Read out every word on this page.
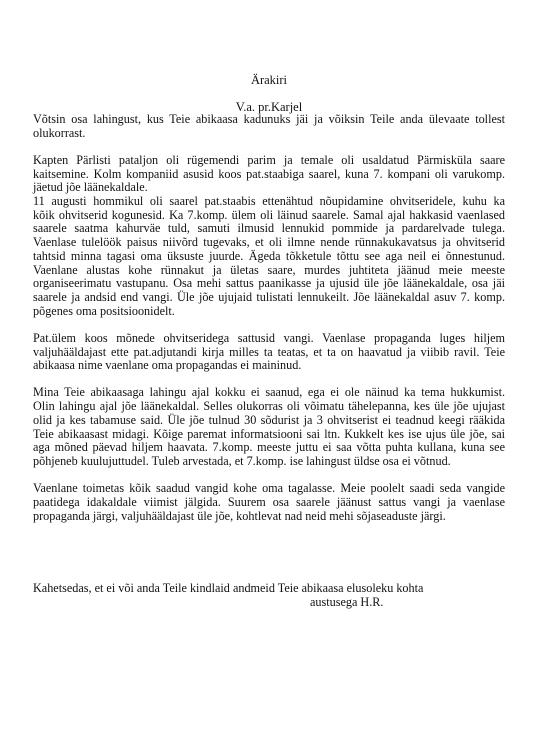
Ärakiri
V.a. pr.Karjel
Võtsin osa lahingust, kus Teie abikaasa kadunuks jäi ja võiksin Teile anda ülevaate tollest
olukorrast.
Kapten Pärlisti pataljon oli rügemendi parim ja temale oli usaldatud Pärmisküla saare
kaitsemine. Kolm kompaniid asusid koos pat.staabiga saarel, kuna 7. kompani oli varukomp.
jäetud jõe läänekaldale.
11 augusti hommikul oli saarel pat.staabis ettenähtud nõupidamine ohvitseridele, kuhu ka
kõik ohvitserid kogunesid. Ka 7.komp. ülem oli läinud saarele. Samal ajal hakkasid vaenlased
saarele saatma kahurväe tuld, samuti ilmusid lennukid pommide ja pardarelvade tulega.
Vaenlase tulelöök paisus niivõrd tugevaks, et oli ilmne nende rünnakukavatsus ja ohvitserid
tahtsid minna tagasi oma üksuste juurde. Ägeda tõkketule tõttu see aga neil ei õnnestunud.
Vaenlane alustas kohe rünnakut ja ületas saare, murdes juhtiteta jäänud meie meeste
organiseerimatu vastupanu. Osa mehi sattus paanikasse ja ujusid üle jõe läänekaldale, osa jäi
saarele ja andsid end vangi. Üle jõe ujujaid tulistati lennukeilt. Jõe läänekaldal asuv 7. komp.
põgenes oma positsioonidelt.
Pat.ülem koos mõnede ohvitseridega sattusid vangi. Vaenlase propaganda luges hiljem
valjuhääldajast ette pat.adjutandi kirja milles ta teatas, et ta on haavatud ja viibib ravil. Teie
abikaasa nime vaenlane oma propagandas ei maininud.
Mina Teie abikaasaga lahingu ajal kokku ei saanud, ega ei ole näinud ka tema hukkumist.
Olin lahingu ajal jõe läänekaldal. Selles olukorras oli võimatu tähelepanna, kes üle jõe ujujast
olid ja kes tabamuse said. Üle jõe tulnud 30 sõdurist ja 3 ohvitserist ei teadnud keegi rääkida
Teie abikaasast midagi. Kõige paremat informatsiooni sai ltn. Kukkelt kes ise ujus üle jõe, sai
aga mõned päevad hiljem haavata. 7.komp. meeste juttu ei saa võtta puhta kullana, kuna see
põhjeneb kuulujuttudel. Tuleb arvestada, et 7.komp. ise lahingust üldse osa ei võtnud.
Vaenlane toimetas kõik saadud vangid kohe oma tagalasse. Meie poolelt saadi seda vangide
paatidega idakaldale viimist jälgida. Suurem osa saarele jäänust sattus vangi ja vaenlase
propaganda järgi, valjuhääldajast üle jõe, kohtlevat nad neid mehi sõjaseaduste järgi.
Kahetsedas, et ei või anda Teile kindlaid andmeid Teie abikaasa elusoleku kohta
austusega H.R.
